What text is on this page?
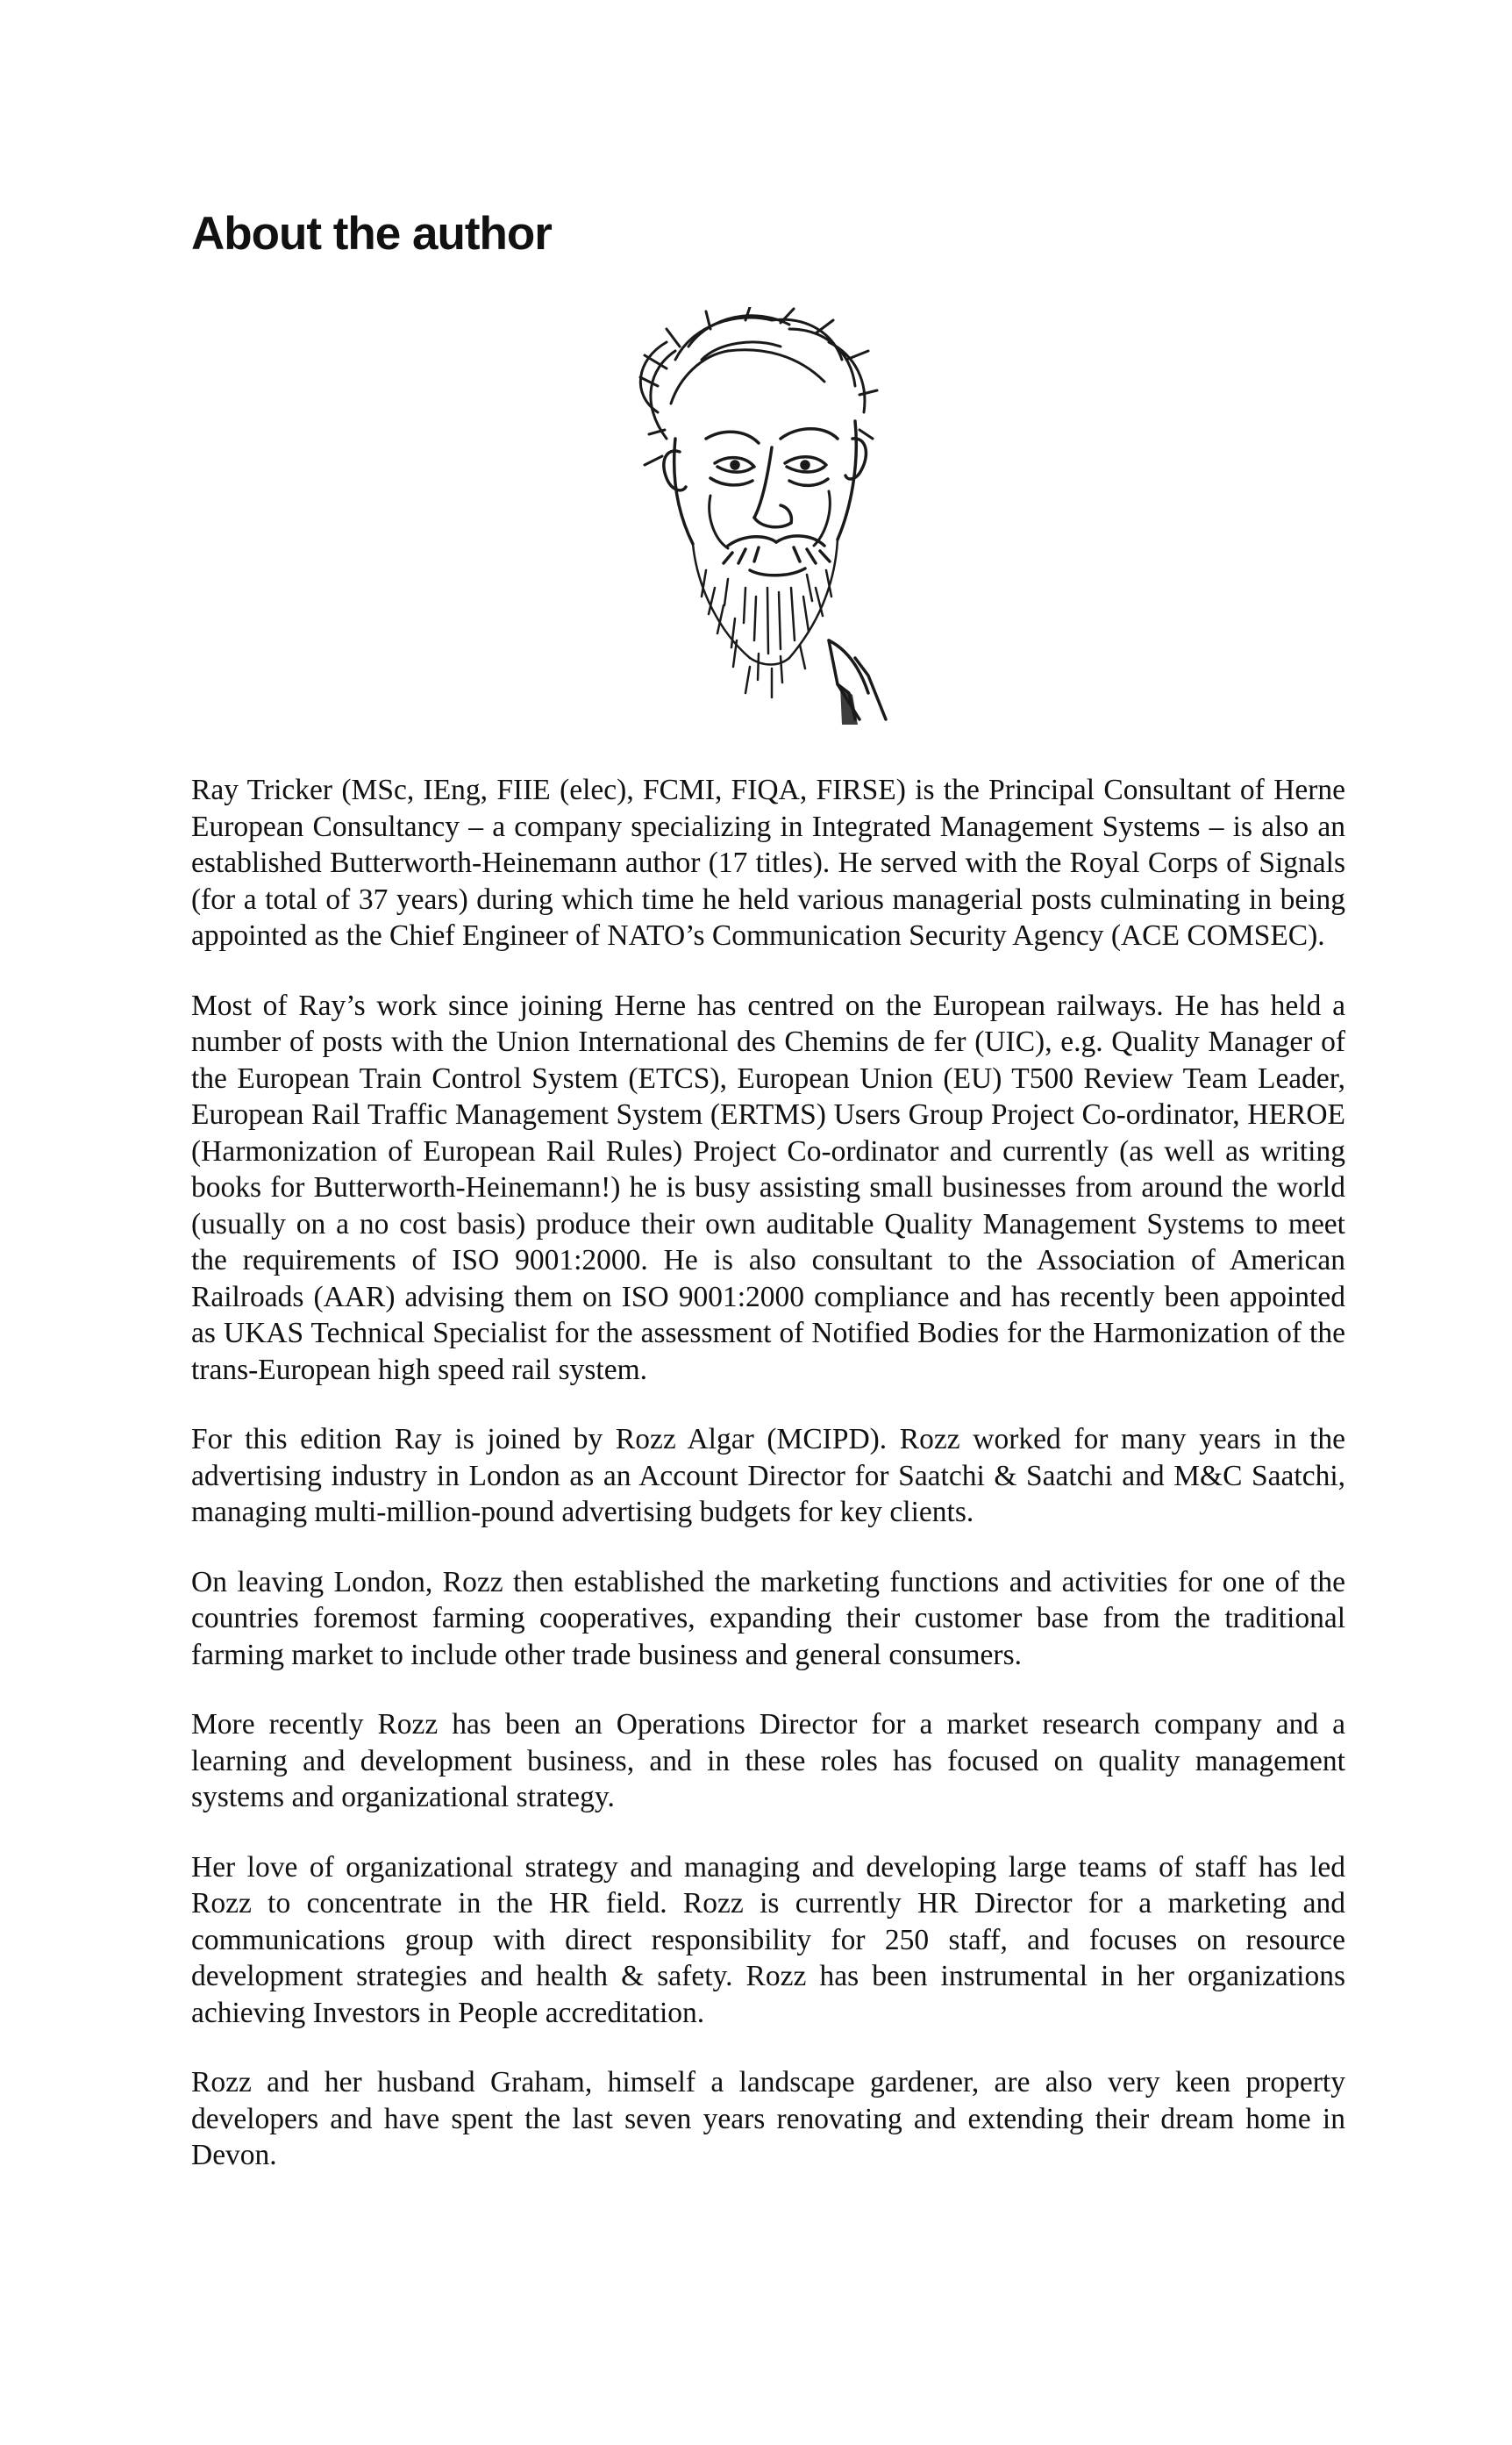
About the author

Ray Tricker (MSc, IEng, FIIE (elec), FCMI, FIQA, FIRSE) is the Principal Consultant of Herne European Consultancy – a company specializing in Integrated Management Systems – is also an established Butterworth-Heinemann author (17 titles). He served with the Royal Corps of Signals (for a total of 37 years) during which time he held various managerial posts culminating in being appointed as the Chief Engineer of NATO’s Communication Security Agency (ACE COMSEC).

Most of Ray’s work since joining Herne has centred on the European railways. He has held a number of posts with the Union International des Chemins de fer (UIC), e.g. Quality Manager of the European Train Control System (ETCS), European Union (EU) T500 Review Team Leader, European Rail Traffic Management System (ERTMS) Users Group Project Co-ordinator, HEROE (Harmonization of European Rail Rules) Project Co-ordinator and currently (as well as writing books for Butterworth-Heinemann!) he is busy assisting small businesses from around the world (usually on a no cost basis) produce their own auditable Quality Management Systems to meet the requirements of ISO 9001:2000. He is also consultant to the Association of American Railroads (AAR) advising them on ISO 9001:2000 compliance and has recently been appointed as UKAS Technical Specialist for the assessment of Notified Bodies for the Harmonization of the trans-European high speed rail system.

For this edition Ray is joined by Rozz Algar (MCIPD). Rozz worked for many years in the advertising industry in London as an Account Director for Saatchi & Saatchi and M&C Saatchi, managing multi-million-pound advertising budgets for key clients.

On leaving London, Rozz then established the marketing functions and activities for one of the countries foremost farming cooperatives, expanding their customer base from the traditional farming market to include other trade business and general consumers.

More recently Rozz has been an Operations Director for a market research company and a learning and development business, and in these roles has focused on quality management systems and organizational strategy.

Her love of organizational strategy and managing and developing large teams of staff has led Rozz to concentrate in the HR field. Rozz is currently HR Director for a marketing and communications group with direct responsibility for 250 staff, and focuses on resource development strategies and health & safety. Rozz has been instrumental in her organizations achieving Investors in People accreditation.

Rozz and her husband Graham, himself a landscape gardener, are also very keen property developers and have spent the last seven years renovating and extending their dream home in Devon.
